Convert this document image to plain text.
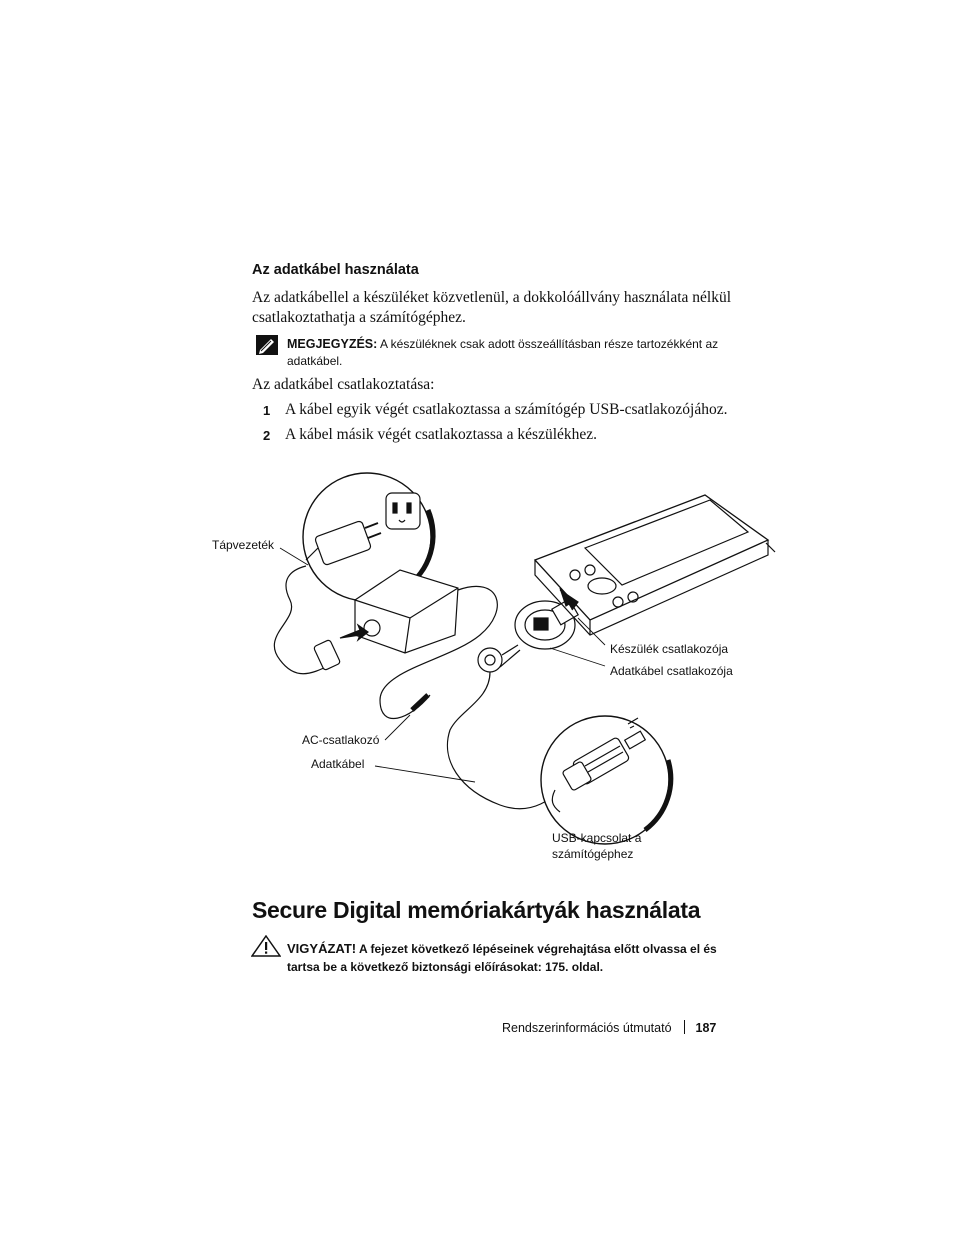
Az adatkábel használata
Az adatkábellel a készüléket közvetlenül, a dokkolóállvány használata nélkül csatlakoztathatja a számítógéphez.
MEGJEGYZÉS: A készüléknek csak adott összeállításban része tartozékként az adatkábel.
Az adatkábel csatlakoztatása:
1 A kábel egyik végét csatlakoztassa a számítógép USB-csatlakozójához.
2 A kábel másik végét csatlakoztassa a készülékhez.
Tápvezeték
Készülék csatlakozója
Adatkábel csatlakozója
AC-csatlakozó
Adatkábel
USB-kapcsolat a számítógéphez
Secure Digital memóriakártyák használata
VIGYÁZAT! A fejezet következő lépéseinek végrehajtása előtt olvassa el és tartsa be a következő biztonsági előírásokat: 175. oldal.
Rendszerinformációs útmutató 187
